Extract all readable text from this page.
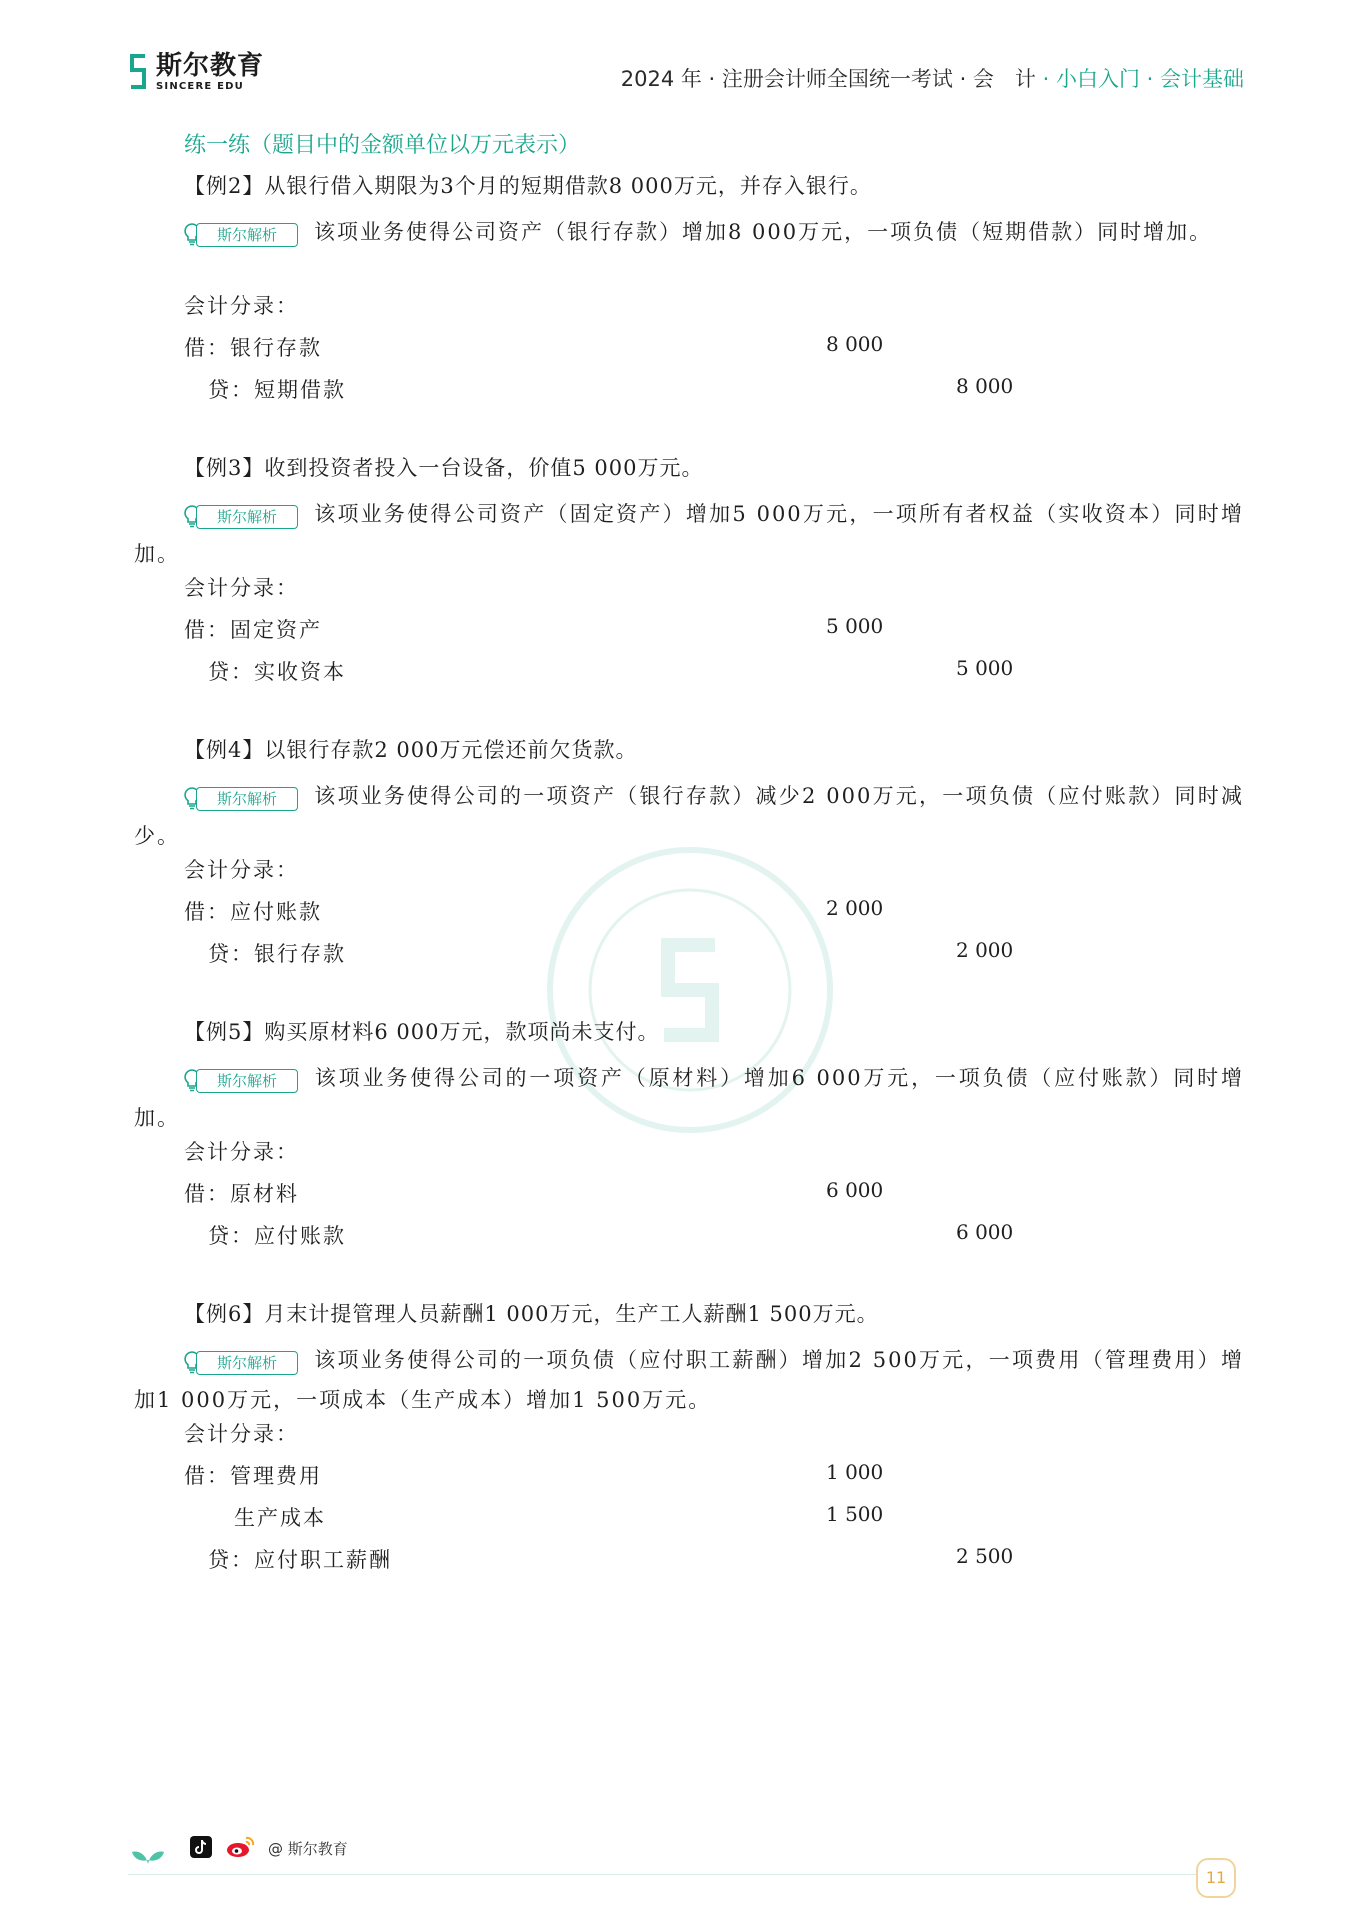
斯尔教育
SINCERE EDU	2024 年 · 注册会计师全国统一考试 · 会　计 · 小白入门 · 会计基础
练一练（题目中的金额单位以万元表示）
【例2】从银行借入期限为3个月的短期借款8 000万元，并存入银行。
斯尔解析	该项业务使得公司资产（银行存款）增加8 000万元，一项负债（短期借款）同时增加。
会计分录：
借：银行存款	8 000
贷：短期借款	8 000
【例3】收到投资者投入一台设备，价值5 000万元。
斯尔解析	该项业务使得公司资产（固定资产）增加5 000万元，一项所有者权益（实收资本）同时增加。
会计分录：
借：固定资产	5 000
贷：实收资本	5 000
【例4】以银行存款2 000万元偿还前欠货款。
斯尔解析	该项业务使得公司的一项资产（银行存款）减少2 000万元，一项负债（应付账款）同时减少。
会计分录：
借：应付账款	2 000
贷：银行存款	2 000
【例5】购买原材料6 000万元，款项尚未支付。
斯尔解析	该项业务使得公司的一项资产（原材料）增加6 000万元，一项负债（应付账款）同时增加。
会计分录：
借：原材料	6 000
贷：应付账款	6 000
【例6】月末计提管理人员薪酬1 000万元，生产工人薪酬1 500万元。
斯尔解析	该项业务使得公司的一项负债（应付职工薪酬）增加2 500万元，一项费用（管理费用）增加1 000万元，一项成本（生产成本）增加1 500万元。
会计分录：
借：管理费用	1 000
生产成本	1 500
贷：应付职工薪酬	2 500
@ 斯尔教育
11
